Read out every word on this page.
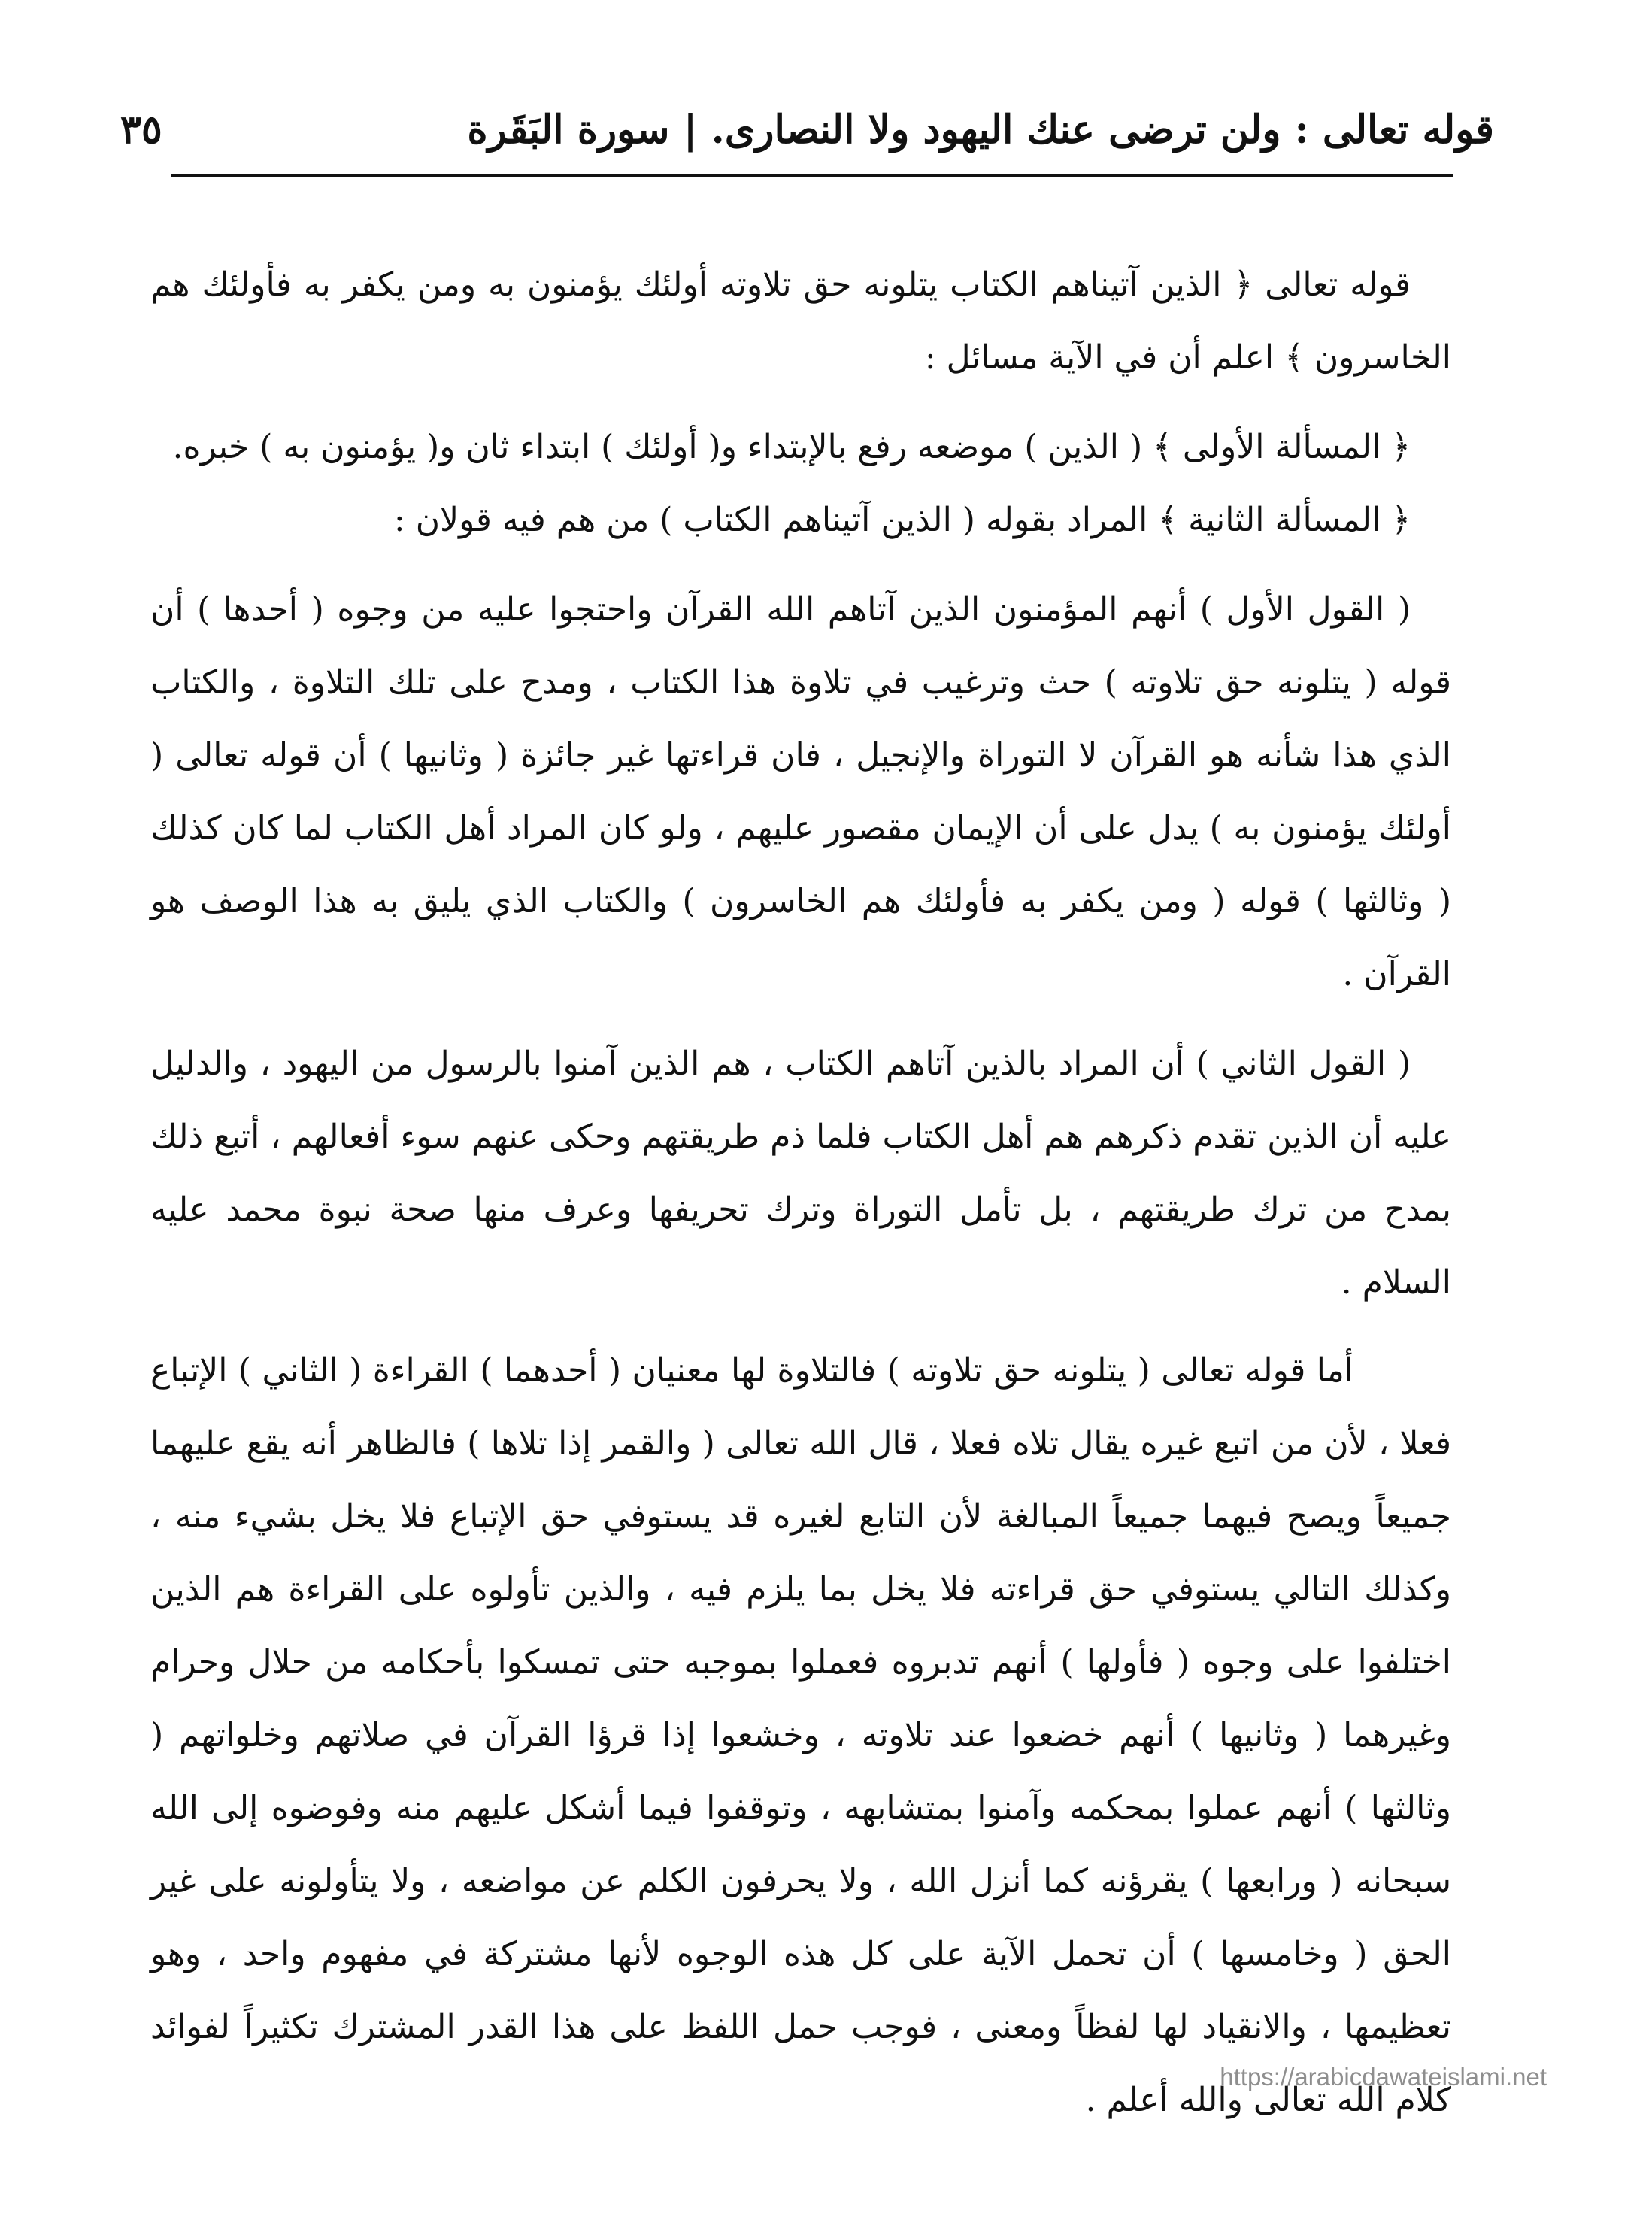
قوله تعالى : ولن ترضى عنك اليهود ولا النصارى. | سورة البَقَرة
٣٥

قوله تعالى ﴿ الذين آتيناهم الكتاب يتلونه حق تلاوته أولئك يؤمنون به ومن يكفر به فأولئك هم الخاسرون ﴾ اعلم أن في الآية مسائل :

﴿ المسألة الأولى ﴾ ( الذين ) موضعه رفع بالإبتداء و( أولئك ) ابتداء ثان و( يؤمنون به ) خبره.

﴿ المسألة الثانية ﴾ المراد بقوله ( الذين آتيناهم الكتاب ) من هم فيه قولان :

( القول الأول ) أنهم المؤمنون الذين آتاهم الله القرآن واحتجوا عليه من وجوه ( أحدها ) أن قوله ( يتلونه حق تلاوته ) حث وترغيب في تلاوة هذا الكتاب ، ومدح على تلك التلاوة ، والكتاب الذي هذا شأنه هو القرآن لا التوراة والإنجيل ، فان قراءتها غير جائزة ( وثانيها ) أن قوله تعالى ( أولئك يؤمنون به ) يدل على أن الإيمان مقصور عليهم ، ولو كان المراد أهل الكتاب لما كان كذلك ( وثالثها ) قوله ( ومن يكفر به فأولئك هم الخاسرون ) والكتاب الذي يليق به هذا الوصف هو القرآن .

( القول الثاني ) أن المراد بالذين آتاهم الكتاب ، هم الذين آمنوا بالرسول من اليهود ، والدليل عليه أن الذين تقدم ذكرهم هم أهل الكتاب فلما ذم طريقتهم وحكى عنهم سوء أفعالهم ، أتبع ذلك بمدح من ترك طريقتهم ، بل تأمل التوراة وترك تحريفها وعرف منها صحة نبوة محمد عليه السلام .

أما قوله تعالى ( يتلونه حق تلاوته ) فالتلاوة لها معنيان ( أحدهما ) القراءة ( الثاني ) الإتباع فعلا ، لأن من اتبع غيره يقال تلاه فعلا ، قال الله تعالى ( والقمر إذا تلاها ) فالظاهر أنه يقع عليهما جميعاً ويصح فيهما جميعاً المبالغة لأن التابع لغيره قد يستوفي حق الإتباع فلا يخل بشيء منه ، وكذلك التالي يستوفي حق قراءته فلا يخل بما يلزم فيه ، والذين تأولوه على القراءة هم الذين اختلفوا على وجوه ( فأولها ) أنهم تدبروه فعملوا بموجبه حتى تمسكوا بأحكامه من حلال وحرام وغيرهما ( وثانيها ) أنهم خضعوا عند تلاوته ، وخشعوا إذا قرؤا القرآن في صلاتهم وخلواتهم ( وثالثها ) أنهم عملوا بمحكمه وآمنوا بمتشابهه ، وتوقفوا فيما أشكل عليهم منه وفوضوه إلى الله سبحانه ( ورابعها ) يقرؤنه كما أنزل الله ، ولا يحرفون الكلم عن مواضعه ، ولا يتأولونه على غير الحق ( وخامسها ) أن تحمل الآية على كل هذه الوجوه لأنها مشتركة في مفهوم واحد ، وهو تعظيمها ، والانقياد لها لفظاً ومعنى ، فوجب حمل اللفظ على هذا القدر المشترك تكثيراً لفوائد كلام الله تعالى والله أعلم .

https://arabicdawateislami.net
